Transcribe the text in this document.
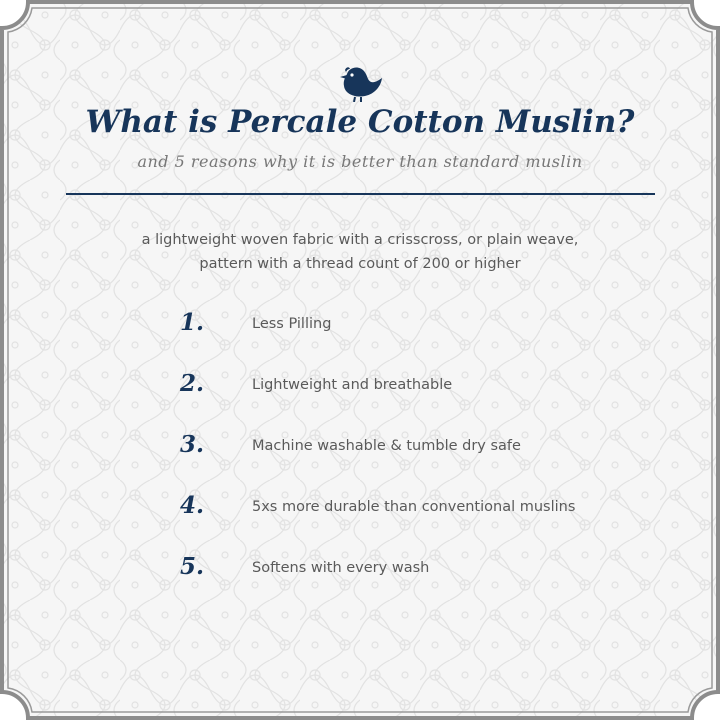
What is Percale Cotton Muslin?
and 5 reasons why it is better than standard muslin
a lightweight woven fabric with a crisscross, or plain weave,
pattern with a thread count of 200 or higher
1.	Less Pilling
2.	Lightweight and breathable
3.	Machine washable & tumble dry safe
4.	5xs more durable than conventional muslins
5.	Softens with every wash
